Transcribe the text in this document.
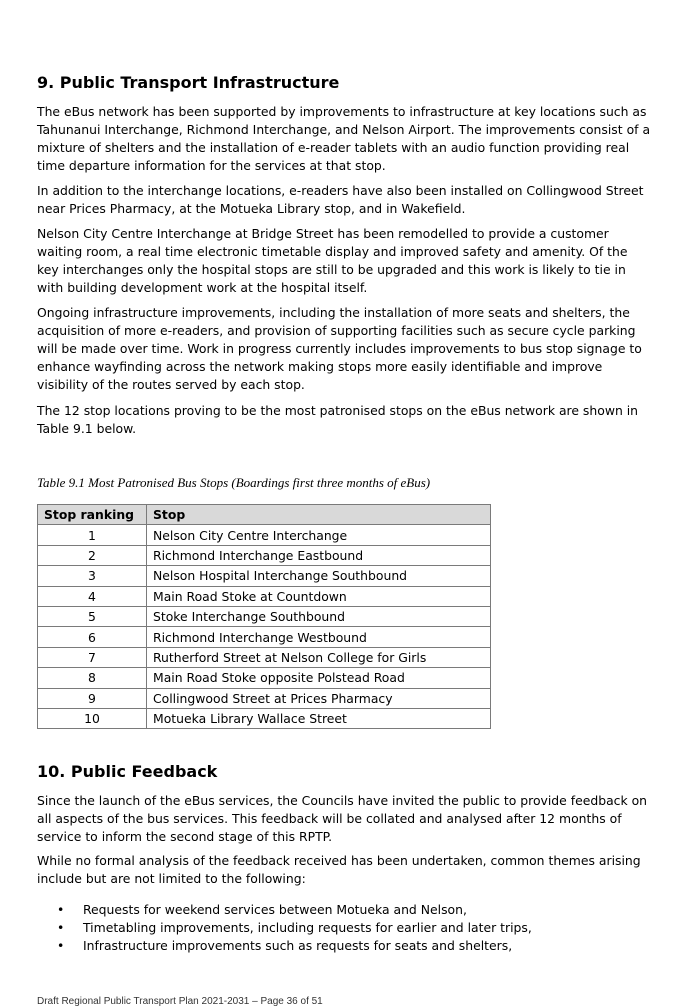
9. Public Transport Infrastructure

The eBus network has been supported by improvements to infrastructure at key locations such as Tahunanui Interchange, Richmond Interchange, and Nelson Airport. The improvements consist of a mixture of shelters and the installation of e-reader tablets with an audio function providing real time departure information for the services at that stop.

In addition to the interchange locations, e-readers have also been installed on Collingwood Street near Prices Pharmacy, at the Motueka Library stop, and in Wakefield.

Nelson City Centre Interchange at Bridge Street has been remodelled to provide a customer waiting room, a real time electronic timetable display and improved safety and amenity. Of the key interchanges only the hospital stops are still to be upgraded and this work is likely to tie in with building development work at the hospital itself.

Ongoing infrastructure improvements, including the installation of more seats and shelters, the acquisition of more e-readers, and provision of supporting facilities such as secure cycle parking will be made over time. Work in progress currently includes improvements to bus stop signage to enhance wayfinding across the network making stops more easily identifiable and improve visibility of the routes served by each stop.

The 12 stop locations proving to be the most patronised stops on the eBus network are shown in Table 9.1 below.

Table 9.1 Most Patronised Bus Stops (Boardings first three months of eBus)
Stop ranking	Stop
1	Nelson City Centre Interchange
2	Richmond Interchange Eastbound
3	Nelson Hospital Interchange Southbound
4	Main Road Stoke at Countdown
5	Stoke Interchange Southbound
6	Richmond Interchange Westbound
7	Rutherford Street at Nelson College for Girls
8	Main Road Stoke opposite Polstead Road
9	Collingwood Street at Prices Pharmacy
10	Motueka Library Wallace Street
10. Public Feedback

Since the launch of the eBus services, the Councils have invited the public to provide feedback on all aspects of the bus services. This feedback will be collated and analysed after 12 months of service to inform the second stage of this RPTP.

While no formal analysis of the feedback received has been undertaken, common themes arising include but are not limited to the following:

• Requests for weekend services between Motueka and Nelson,
• Timetabling improvements, including requests for earlier and later trips,
• Infrastructure improvements such as requests for seats and shelters,
Draft Regional Public Transport Plan 2021-2031 – Page 36 of 51
